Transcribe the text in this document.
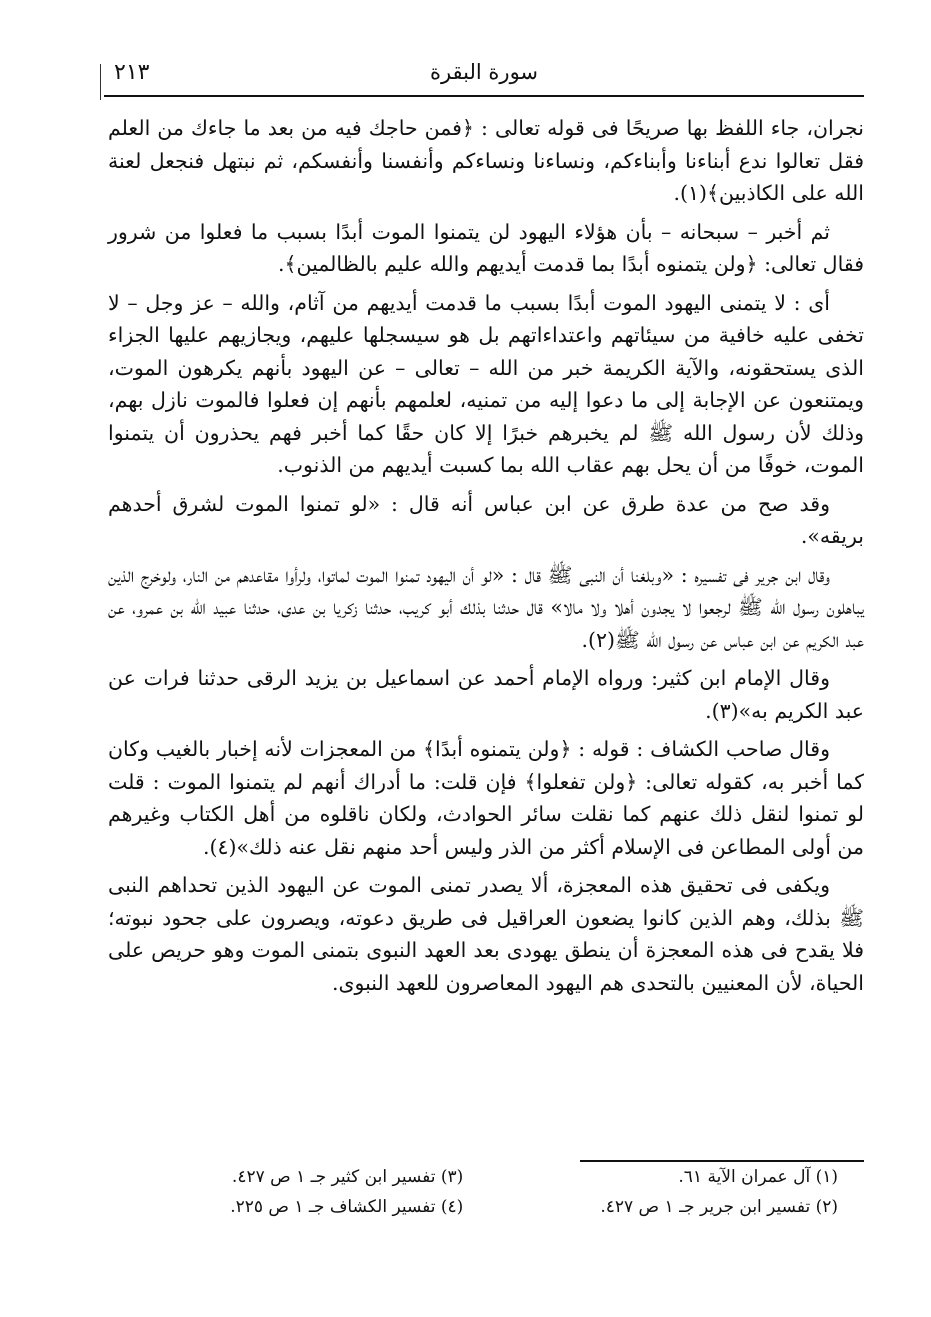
٢١٣	سورة البقرة

نجران، جاء اللفظ بها صريحًا فى قوله تعالى : ﴿فمن حاجك فيه من بعد ما جاءك من العلم فقل تعالوا ندع أبناءنا وأبناءكم، ونساءنا ونساءكم وأنفسنا وأنفسكم، ثم نبتهل فنجعل لعنة الله على الكاذبين﴾(١).

ثم أخبر – سبحانه – بأن هؤلاء اليهود لن يتمنوا الموت أبدًا بسبب ما فعلوا من شرور فقال تعالى: ﴿ولن يتمنوه أبدًا بما قدمت أيديهم والله عليم بالظالمين﴾.

أى : لا يتمنى اليهود الموت أبدًا بسبب ما قدمت أيديهم من آثام، والله – عز وجل – لا تخفى عليه خافية من سيئاتهم واعتداءاتهم بل هو سيسجلها عليهم، ويجازيهم عليها الجزاء الذى يستحقونه، والآية الكريمة خبر من الله – تعالى – عن اليهود بأنهم يكرهون الموت، ويمتنعون عن الإجابة إلى ما دعوا إليه من تمنيه، لعلمهم بأنهم إن فعلوا فالموت نازل بهم، وذلك لأن رسول الله ﷺ لم يخبرهم خبرًا إلا كان حقًا كما أخبر فهم يحذرون أن يتمنوا الموت، خوفًا من أن يحل بهم عقاب الله بما كسبت أيديهم من الذنوب.

وقد صح من عدة طرق عن ابن عباس أنه قال : «لو تمنوا الموت لشرق أحدهم بريقه».

وقال ابن جرير فى تفسيره : «وبلغنا أن النبى ﷺ قال : «لو أن اليهود تمنوا الموت لماتوا، ولرأوا مقاعدهم من النار، ولوخرج الذين يباهلون رسول الله ﷺ لرجعوا لا يجدون أهلا ولا مالا» قال حدثنا بذلك أبو كريب، حدثنا زكريا بن عدى، حدثنا عبيد الله بن عمرو، عن عبد الكريم عن ابن عباس عن رسول الله ﷺ(٢).

وقال الإمام ابن كثير: ورواه الإمام أحمد عن اسماعيل بن يزيد الرقى حدثنا فرات عن عبد الكريم به»(٣).

وقال صاحب الكشاف : قوله : ﴿ولن يتمنوه أبدًا﴾ من المعجزات لأنه إخبار بالغيب وكان كما أخبر به، كقوله تعالى: ﴿ولن تفعلوا﴾ فإن قلت: ما أدراك أنهم لم يتمنوا الموت : قلت لو تمنوا لنقل ذلك عنهم كما نقلت سائر الحوادث، ولكان ناقلوه من أهل الكتاب وغيرهم من أولى المطاعن فى الإسلام أكثر من الذر وليس أحد منهم نقل عنه ذلك»(٤).

ويكفى فى تحقيق هذه المعجزة، ألا يصدر تمنى الموت عن اليهود الذين تحداهم النبى ﷺ بذلك، وهم الذين كانوا يضعون العراقيل فى طريق دعوته، ويصرون على جحود نبوته؛ فلا يقدح فى هذه المعجزة أن ينطق يهودى بعد العهد النبوى بتمنى الموت وهو حريص على الحياة، لأن المعنيين بالتحدى هم اليهود المعاصرون للعهد النبوى.

(١) آل عمران الآية ٦١.
(٣) تفسير ابن كثير جـ ١ ص ٤٢٧.
(٢) تفسير ابن جرير جـ ١ ص ٤٢٧.
(٤) تفسير الكشاف جـ ١ ص ٢٢٥.
